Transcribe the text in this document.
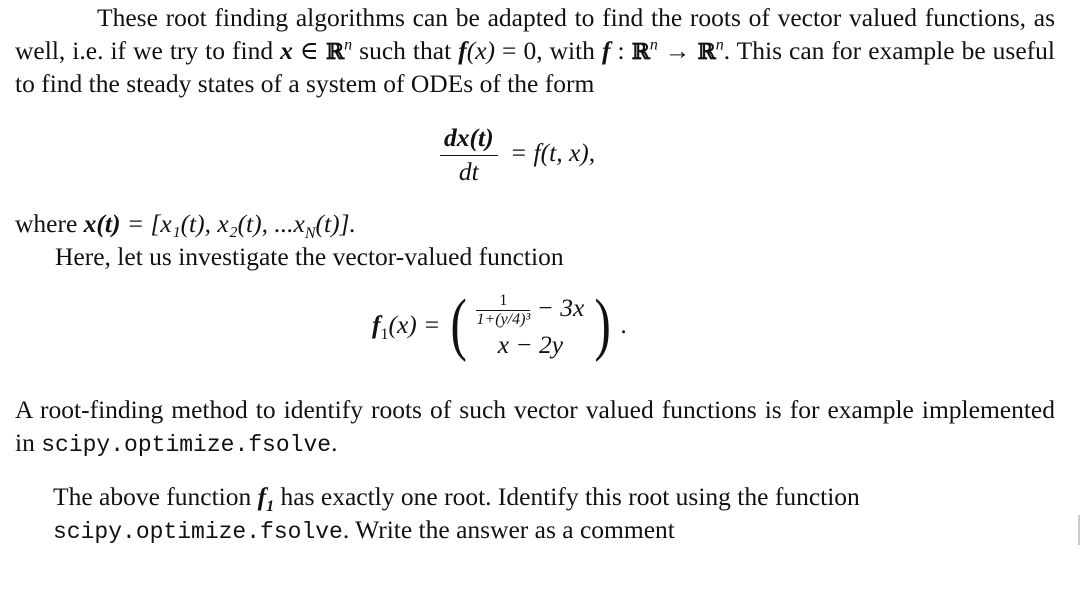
These root finding algorithms can be adapted to find the roots of vector valued functions, as well, i.e. if we try to find x ∈ ℝ$^n$ such that f(x) = 0, with f : ℝ$^n$ → ℝ$^n$. This can for example be useful to find the steady states of a system of ODEs of the form

$\frac{dx(t)}{dt} = f(t$, x),
where x(t) = [x₁(t), x₂(t), $...x_N(t)$].
Here, let us investigate the vector-valued function
$f_1(x)$ = ( $\frac{1}{\text{1+(y/4)³}} - 3x$
x − 2y ) .

A root-finding method to identify roots of such vector valued functions is for example implemented in scipy.optimize.fsolve.

The above function $f_1$ has exactly one root. Identify this root using the function
scipy.optimize.fsolve. Write the answer as a comment
